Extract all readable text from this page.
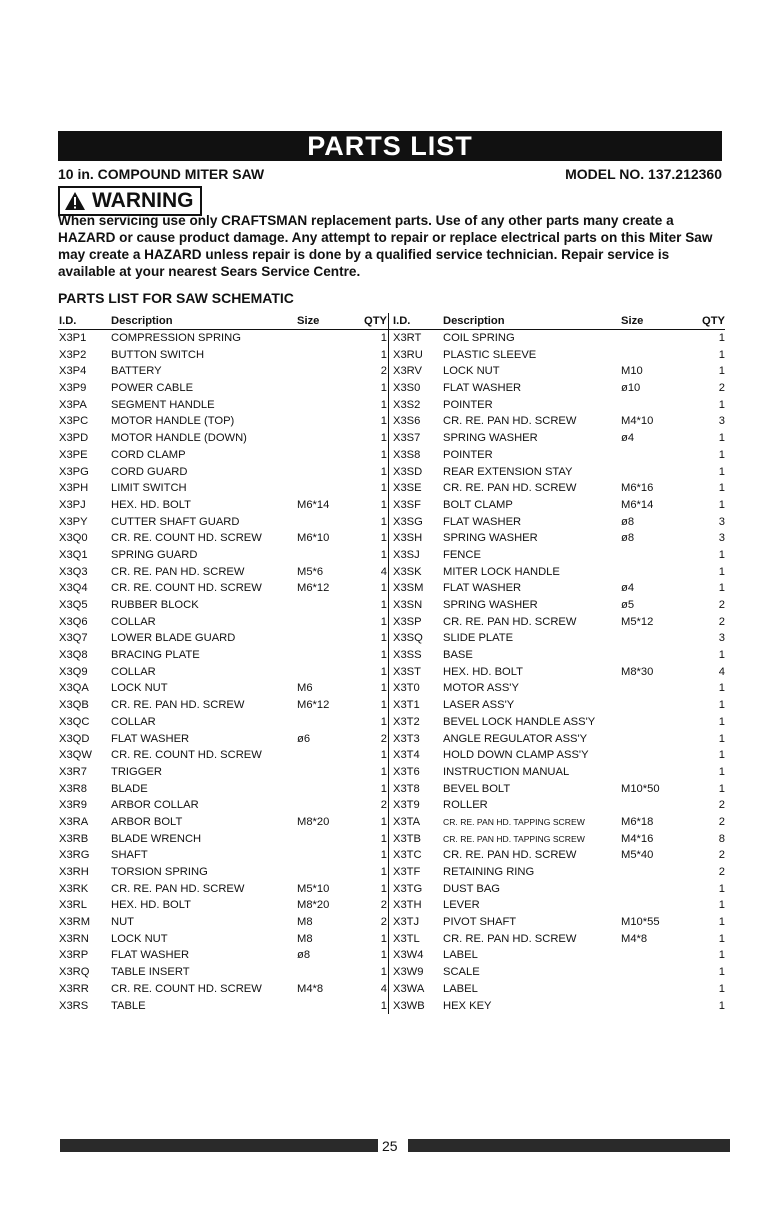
PARTS LIST
10 in. COMPOUND MITER SAW	MODEL NO. 137.212360
WARNING
When servicing use only CRAFTSMAN replacement parts. Use of any other parts many create a HAZARD or cause product damage. Any attempt to repair or replace electrical parts on this Miter Saw may create a HAZARD unless repair is done by a qualified service technician. Repair service is available at your nearest Sears Service Centre.
PARTS LIST FOR SAW SCHEMATIC
I.D.	Description	Size	QTY
X3P1	COMPRESSION SPRING	1
X3P2	BUTTON SWITCH	1
X3P4	BATTERY	2
X3P9	POWER CABLE	1
X3PA	SEGMENT HANDLE	1
X3PC	MOTOR HANDLE (TOP)	1
X3PD	MOTOR HANDLE (DOWN)	1
X3PE	CORD CLAMP	1
X3PG	CORD GUARD	1
X3PH	LIMIT SWITCH	1
X3PJ	HEX. HD. BOLT	M6*14	1
X3PY	CUTTER SHAFT GUARD	1
X3Q0	CR. RE. COUNT HD. SCREW	M6*10	1
X3Q1	SPRING GUARD	1
X3Q3	CR. RE. PAN HD. SCREW	M5*6	4
X3Q4	CR. RE. COUNT HD. SCREW	M6*12	1
X3Q5	RUBBER BLOCK	1
X3Q6	COLLAR	1
X3Q7	LOWER BLADE GUARD	1
X3Q8	BRACING PLATE	1
X3Q9	COLLAR	1
X3QA	LOCK NUT	M6	1
X3QB	CR. RE. PAN HD. SCREW	M6*12	1
X3QC	COLLAR	1
X3QD	FLAT WASHER	ø6	2
X3QW	CR. RE. COUNT HD. SCREW	1
X3R7	TRIGGER	1
X3R8	BLADE	1
X3R9	ARBOR COLLAR	2
X3RA	ARBOR BOLT	M8*20	1
X3RB	BLADE WRENCH	1
X3RG	SHAFT	1
X3RH	TORSION SPRING	1
X3RK	CR. RE. PAN HD. SCREW	M5*10	1
X3RL	HEX. HD. BOLT	M8*20	2
X3RM	NUT	M8	2
X3RN	LOCK NUT	M8	1
X3RP	FLAT WASHER	ø8	1
X3RQ	TABLE INSERT	1
X3RR	CR. RE. COUNT HD. SCREW	M4*8	4
X3RS	TABLE	1
I.D.	Description	Size	QTY
X3RT	COIL SPRING	1
X3RU	PLASTIC SLEEVE	1
X3RV	LOCK NUT	M10	1
X3S0	FLAT WASHER	ø10	2
X3S2	POINTER	1
X3S6	CR. RE. PAN HD. SCREW	M4*10	3
X3S7	SPRING WASHER	ø4	1
X3S8	POINTER	1
X3SD	REAR EXTENSION STAY	1
X3SE	CR. RE. PAN HD. SCREW	M6*16	1
X3SF	BOLT CLAMP	M6*14	1
X3SG	FLAT WASHER	ø8	3
X3SH	SPRING WASHER	ø8	3
X3SJ	FENCE	1
X3SK	MITER LOCK HANDLE	1
X3SM	FLAT WASHER	ø4	1
X3SN	SPRING WASHER	ø5	2
X3SP	CR. RE. PAN HD. SCREW	M5*12	2
X3SQ	SLIDE PLATE	3
X3SS	BASE	1
X3ST	HEX. HD. BOLT	M8*30	4
X3T0	MOTOR ASS'Y	1
X3T1	LASER ASS'Y	1
X3T2	BEVEL LOCK HANDLE ASS'Y	1
X3T3	ANGLE REGULATOR ASS'Y	1
X3T4	HOLD DOWN CLAMP ASS'Y	1
X3T6	INSTRUCTION MANUAL	1
X3T8	BEVEL BOLT	M10*50	1
X3T9	ROLLER	2
X3TA	CR. RE. PAN HD. TAPPING SCREW	M6*18	2
X3TB	CR. RE. PAN HD. TAPPING SCREW	M4*16	8
X3TC	CR. RE. PAN HD. SCREW	M5*40	2
X3TF	RETAINING RING	2
X3TG	DUST BAG	1
X3TH	LEVER	1
X3TJ	PIVOT SHAFT	M10*55	1
X3TL	CR. RE. PAN HD. SCREW	M4*8	1
X3W4	LABEL	1
X3W9	SCALE	1
X3WA	LABEL	1
X3WB	HEX KEY	1
25
